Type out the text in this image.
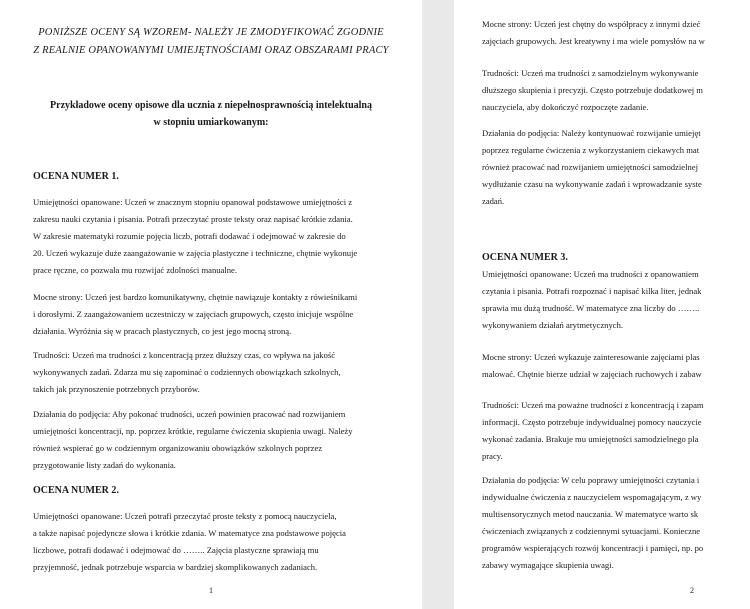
PONIŻSZE OCENY SĄ WZOREM- NALEŻY JE ZMODYFIKOWAĆ ZGODNIE
Z REALNIE OPANOWANYMI UMIEJĘTNOŚCIAMI ORAZ OBSZARAMI PRACY
Przykładowe oceny opisowe dla ucznia z niepełnosprawnością intelektualną
w stopniu umiarkowanym:
OCENA NUMER 1.

Umiejętności opanowane: Uczeń w znacznym stopniu opanował podstawowe umiejętności z
zakresu nauki czytania i pisania. Potrafi przeczytać proste teksty oraz napisać krótkie zdania.
W zakresie matematyki rozumie pojęcia liczb, potrafi dodawać i odejmować w zakresie do
20. Uczeń wykazuje duże zaangażowanie w zajęcia plastyczne i techniczne, chętnie wykonuje
prace ręczne, co pozwala mu rozwijać zdolności manualne.

Mocne strony: Uczeń jest bardzo komunikatywny, chętnie nawiązuje kontakty z rówieśnikami
i dorosłymi. Z zaangażowaniem uczestniczy w zajęciach grupowych, często inicjuje wspólne
działania. Wyróżnia się w pracach plastycznych, co jest jego mocną stroną.

Trudności: Uczeń ma trudności z koncentracją przez dłuższy czas, co wpływa na jakość
wykonywanych zadań. Zdarza mu się zapominać o codziennych obowiązkach szkolnych,
takich jak przynoszenie potrzebnych przyborów.

Działania do podjęcia: Aby pokonać trudności, uczeń powinien pracować nad rozwijaniem
umiejętności koncentracji, np. poprzez krótkie, regularne ćwiczenia skupienia uwagi. Należy
również wspierać go w codziennym organizowaniu obowiązków szkolnych poprzez
przygotowanie listy zadań do wykonania.

OCENA NUMER 2.

Umiejętności opanowane: Uczeń potrafi przeczytać proste teksty z pomocą nauczyciela,
a także napisać pojedyncze słowa i krótkie zdania. W matematyce zna podstawowe pojęcia
liczbowe, potrafi dodawać i odejmować do …….. Zajęcia plastyczne sprawiają mu
przyjemność, jednak potrzebuje wsparcia w bardziej skomplikowanych zadaniach.

1

Mocne strony: Uczeń jest chętny do współpracy z innymi dzieć
zajęciach grupowych. Jest kreatywny i ma wiele pomysłów na w

Trudności: Uczeń ma trudności z samodzielnym wykonywanie
dłuższego skupienia i precyzji. Często potrzebuje dodatkowej m
nauczyciela, aby dokończyć rozpoczęte zadanie.

Działania do podjęcia: Należy kontynuować rozwijanie umiejęt
poprzez regularne ćwiczenia z wykorzystaniem ciekawych mat
również pracować nad rozwijaniem umiejętności samodzielnej
wydłużanie czasu na wykonywanie zadań i wprowadzanie syste
zadań.

OCENA NUMER 3.

Umiejętności opanowane: Uczeń ma trudności z opanowaniem
czytania i pisania. Potrafi rozpoznać i napisać kilka liter, jednak
sprawia mu dużą trudność. W matematyce zna liczby do ……..
wykonywaniem działań arytmetycznych.

Mocne strony: Uczeń wykazuje zainteresowanie zajęciami plas
malować. Chętnie bierze udział w zajęciach ruchowych i zabaw

Trudności: Uczeń ma poważne trudności z koncentracją i zapam
informacji. Często potrzebuje indywidualnej pomocy nauczycie
wykonać zadania. Brakuje mu umiejętności samodzielnego pla
pracy.

Działania do podjęcia: W celu poprawy umiejętności czytania i
indywidualne ćwiczenia z nauczycielem wspomagającym, z wy
multisensorycznych metod nauczania. W matematyce warto sk
ćwiczeniach związanych z codziennymi sytuacjami. Konieczne
programów wspierających rozwój koncentracji i pamięci, np. po
zabawy wymagające skupienia uwagi.

2
